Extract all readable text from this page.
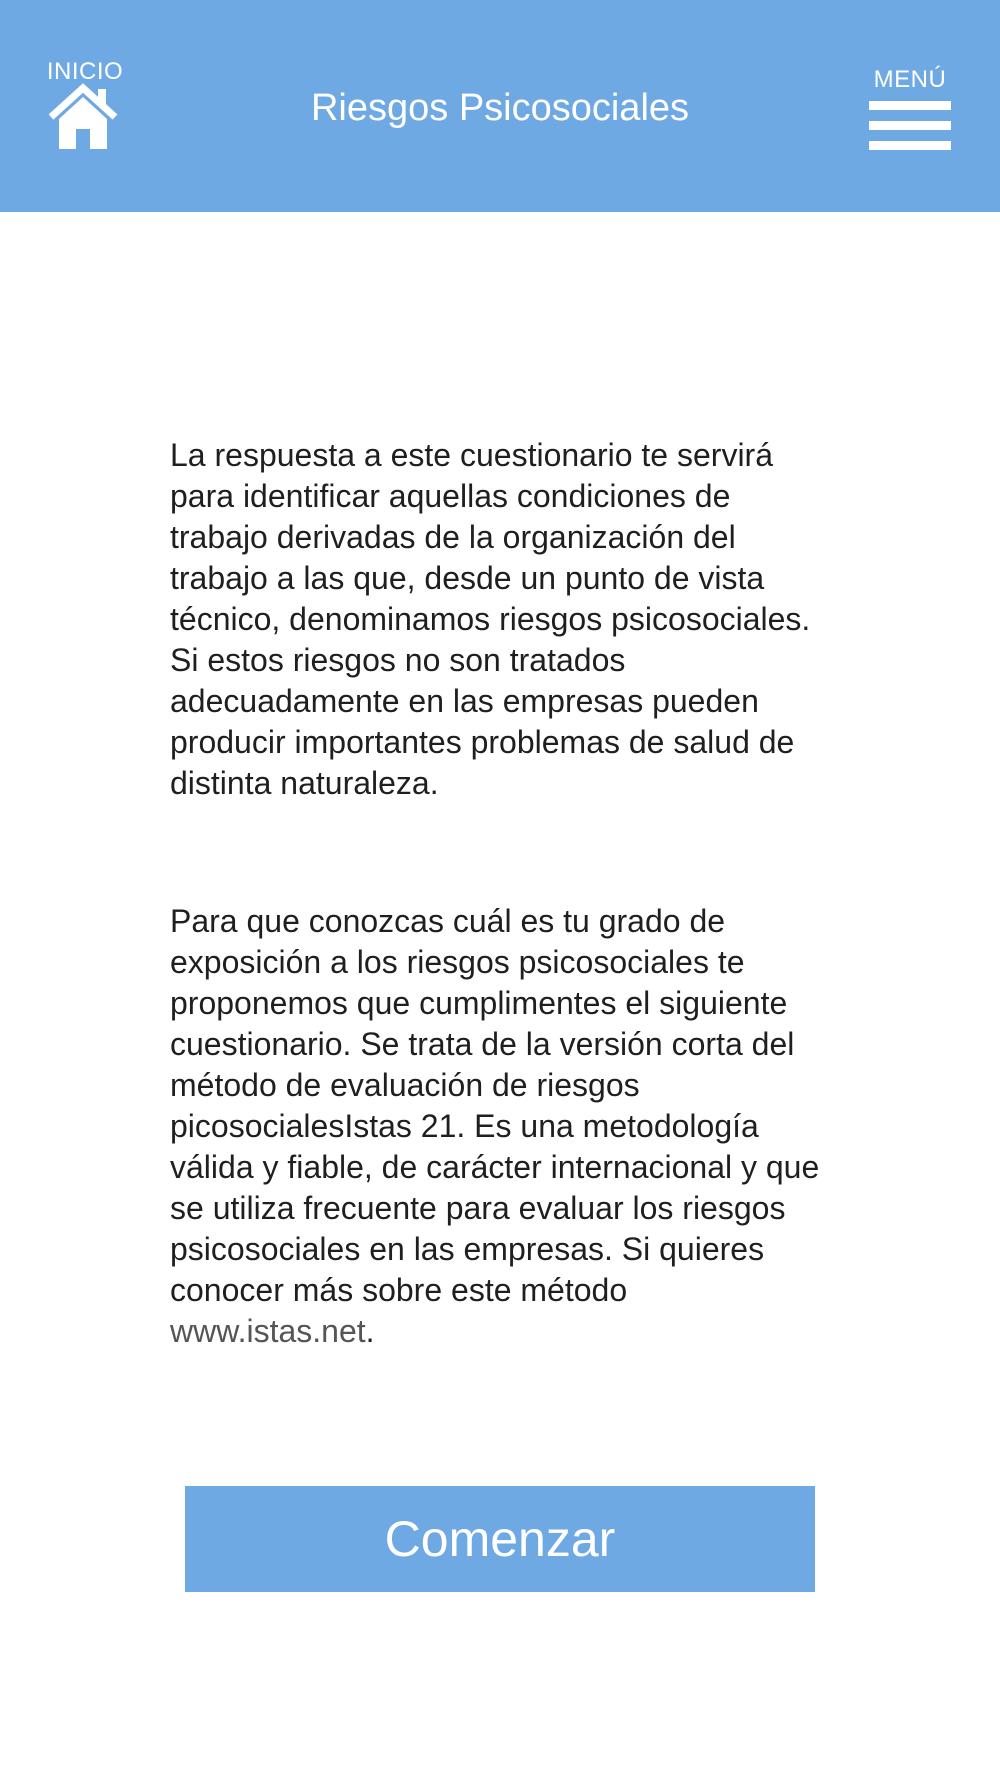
INICIO
Riesgos Psicosociales
MENÚ

La respuesta a este cuestionario te servirá para identificar aquellas condiciones de trabajo derivadas de la organización del trabajo a las que, desde un punto de vista técnico, denominamos riesgos psicosociales. Si estos riesgos no son tratados adecuadamente en las empresas pueden producir importantes problemas de salud de distinta naturaleza.

Para que conozcas cuál es tu grado de exposición a los riesgos psicosociales te proponemos que cumplimentes el siguiente cuestionario. Se trata de la versión corta del método de evaluación de riesgos picosocialesIstas 21. Es una metodología válida y fiable, de carácter internacional y que se utiliza frecuente para evaluar los riesgos psicosociales en las empresas. Si quieres conocer más sobre este método www.istas.net.

Comenzar
